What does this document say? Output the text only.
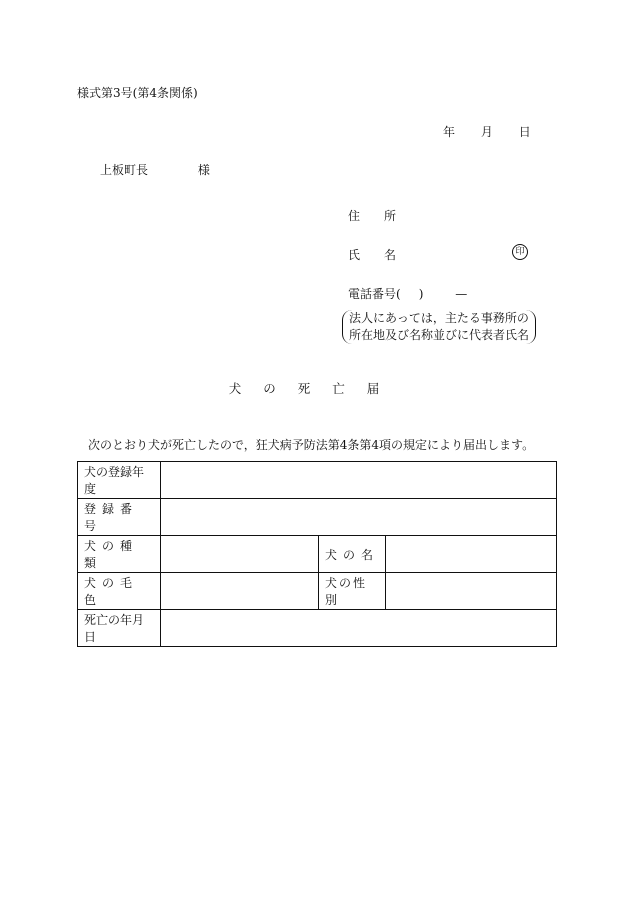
様式第3号(第4条関係)
年 月 日
上板町長	様
住　　所
氏　　名	印
電話番号( )	—
法人にあっては，主たる事務所の
所在地及び名称並びに代表者氏名
犬の死亡届
次のとおり犬が死亡したので，狂犬病予防法第4条第4項の規定により届出します。
犬の登録年度			
登録番号			
犬の種類		犬の名	
犬の毛色		犬の性別	
死亡の年月日			
